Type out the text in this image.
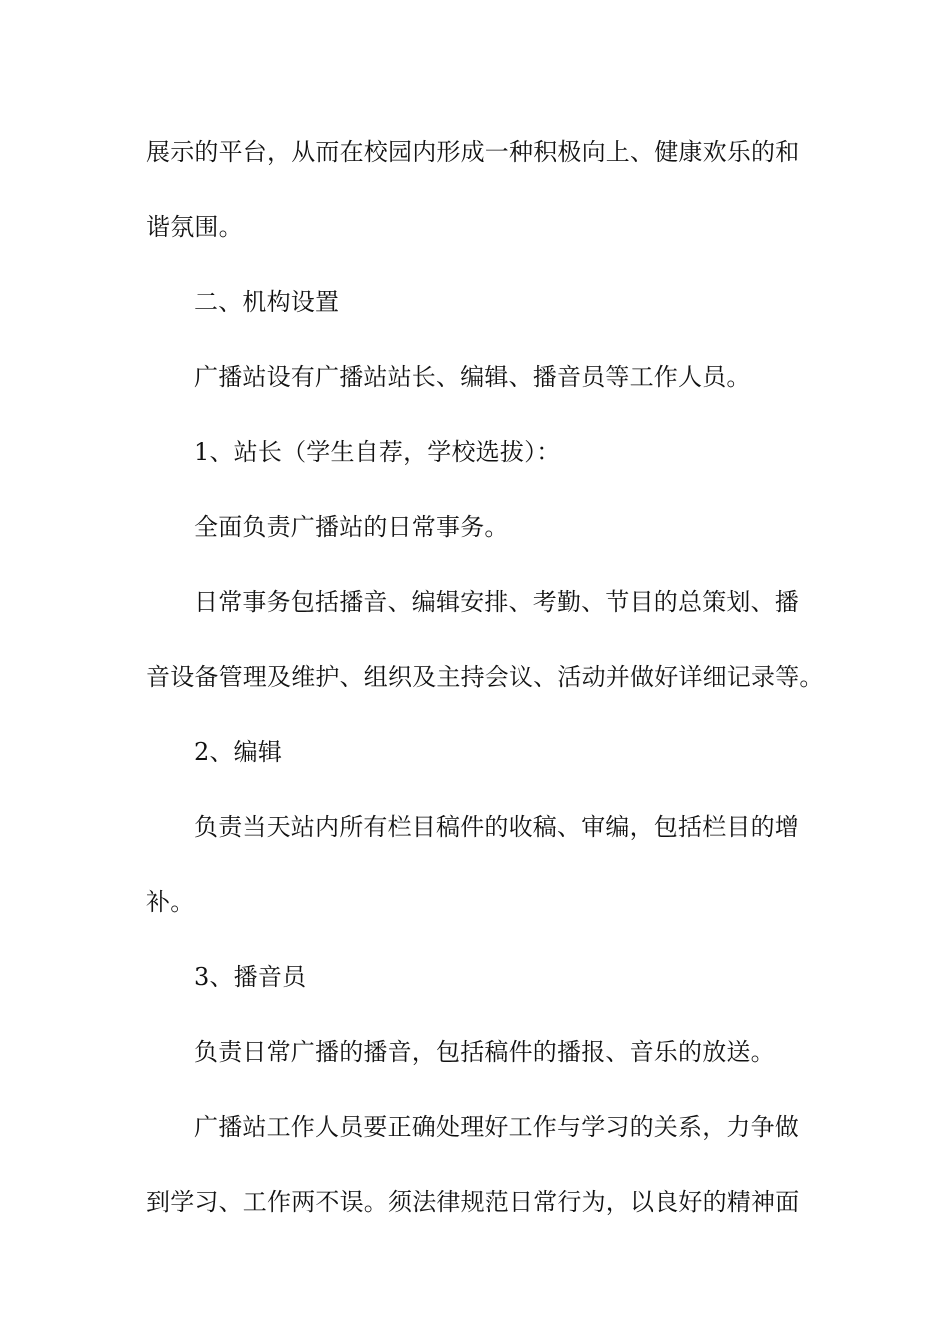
展示的平台，从而在校园内形成一种积极向上、健康欢乐的和
谐氛围。
二、机构设置
广播站设有广播站站长、编辑、播音员等工作人员。
1、站长（学生自荐，学校选拔）：
全面负责广播站的日常事务。
日常事务包括播音、编辑安排、考勤、节目的总策划、播
音设备管理及维护、组织及主持会议、活动并做好详细记录等。
2、编辑
负责当天站内所有栏目稿件的收稿、审编，包括栏目的增
补。
3、播音员
负责日常广播的播音，包括稿件的播报、音乐的放送。
广播站工作人员要正确处理好工作与学习的关系，力争做
到学习、工作两不误。须法律规范日常行为，以良好的精神面
